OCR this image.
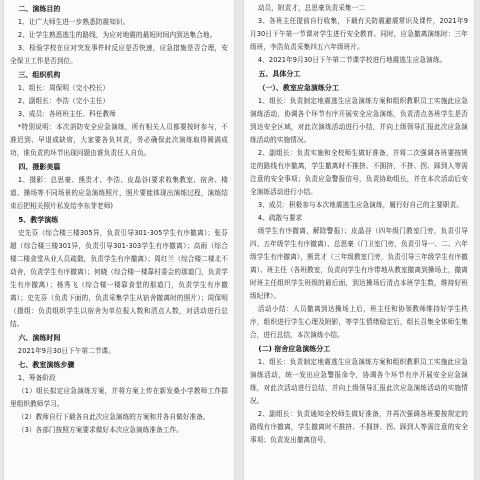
二、演练目的

1、让广大师生进一步熟悉防震知识。

2、让学生熟悉逃生的路线，为应对地震的最短时间内到达集合地。

3、检验学校在应对突发事件时反应是否快速，应急措施是否合理，安全保卫工作是否到位。

三、组织机构

1、组长：周保明（完小校长）

2、副组长：李浩（完小主任）

3、成员：各班班主任、科任教师

*特别说明：本次消防安全应急演练，所有相关人员都要按时参与，不准迟到、早退或缺席，大家要各负其责，务必确保此次演练取得圆满成功，谁负责的环节出现问题由谁负责任人自负。

四、摄影美篇

1、摄影：总思豪、熊贵才、李浩、皮晶谷(要求收集教室、宿舍、楼道、操场等不同场景的应急演练照片，照片要能体现出演练过程，演练结束后把相关照片私发给李东芽老师)

5、教学演练

史先芬（综合楼三楼305异，负责引导301-305学生有序撤离）；张芬超（综合楼三楼301异，负责引导301-303学生有序撤离）；高雨（综合楼二楼食堂从业人员疏散，负责学生有序撤离）；周红兰（综合楼二楼北不动舍，负责学生有序撤离）；何晓（综合楼一楼靠村委会的那道门，负责学生有序撤离）；杨秀飞（综合楼一楼靠食堂的那道门，负责学生有序撤离）；史先芬（负责下面的，负责采集学生从宿舍撤离时的照片）；周保明（摄组：负责组织学生以宿舍为单位报人数和清点人数，对活动进行总结。

六、演练时间

2021年9月30日下午第二节课。

七、教室演练步骤

1、筹备阶段

（1）组长拟定应急演练方案，并将方案上传在新发桑小学教师工作群里组织教师学习。

（2）教师自行下载各自此次应急演练的方案和并各自做好准备。

（3）各部门按照方案要求做好本次应急演练准备工作。

动员，附责才，总思豪负责采集一二

3、各班主任提前自行收集，下载有关防震避震常识及课件，2021年9月30日下午第一节课对学生进行安全教育。同时，应急撤离演练时：三年级班，李浩负责采集四五六年级班片。

4、2021年9月30日下午第二节课学校进行地震逃生应急演练。

五、具体分工

（一）、教室应急演练分工

1、组长：负责制定地震逃生应急演练方案和组织教职员工实施此应急演练活动，协调各个环节有序开展安全应急演练，负责清点各班学生是否到达安全区域，对此次演练活动进行小结，并向上级领导汇报此次应急演练活动的实施情况。

2、副组长：负责实施和全校师生做好准备，并将二次强调各班要按规定的路线有序撤离，学生撤离时不推挤、不拥挤，不挤、拐、踩到人等需注意的安全事项；负责应急警报信号，负责协助组长，并在本次活动后安全演练活动进行小结。

3、成员：积极参与本次地震逃生应急演练，履行好自己的主要职责。

4、疏散与要求

级学生有序撤离，解除警报）；皮晶谷（四年级门教室门旁，负责引导四、五年级学生有序撤离）、总思豪（门卫室门旁，负责引导一、二、六年级学生有序撤离），熊贵才（三年级教室门旁，负责引导三年级学生有序撤离）、班主任（各班教室，负责向学生有序带地从教室撤离到操场上，撤离时班主任组织学生班级的最后面，到达操场后清点本班学生数，维持好班级纪律）。

活动小结：人员撤离到达操场上后，班主任和协领教师维持好学生秩序，组织进行学生心理及附影，等学生情绪稳定后，组长召集全体师生集合，进行总结，本次演练小结。

(二) 宿舍应急演练分工

1、组长：负责制定地震逃生应急演练方案和组织教职员工实施此应急演练活动，统一发出应急警报命令，协调各个环节有序开展安全应急演练，对此次活动进行总结，并向上级领导汇报此次应急演练活动的实施情况。

2、副组长：负责通知全校师生做好准备，并再次强调各班要按规定的路线有序撤离，学生撤离时不推挤、不拥挤、拐、踩到人等需注意的安全事项；负责发出撤离信号，
